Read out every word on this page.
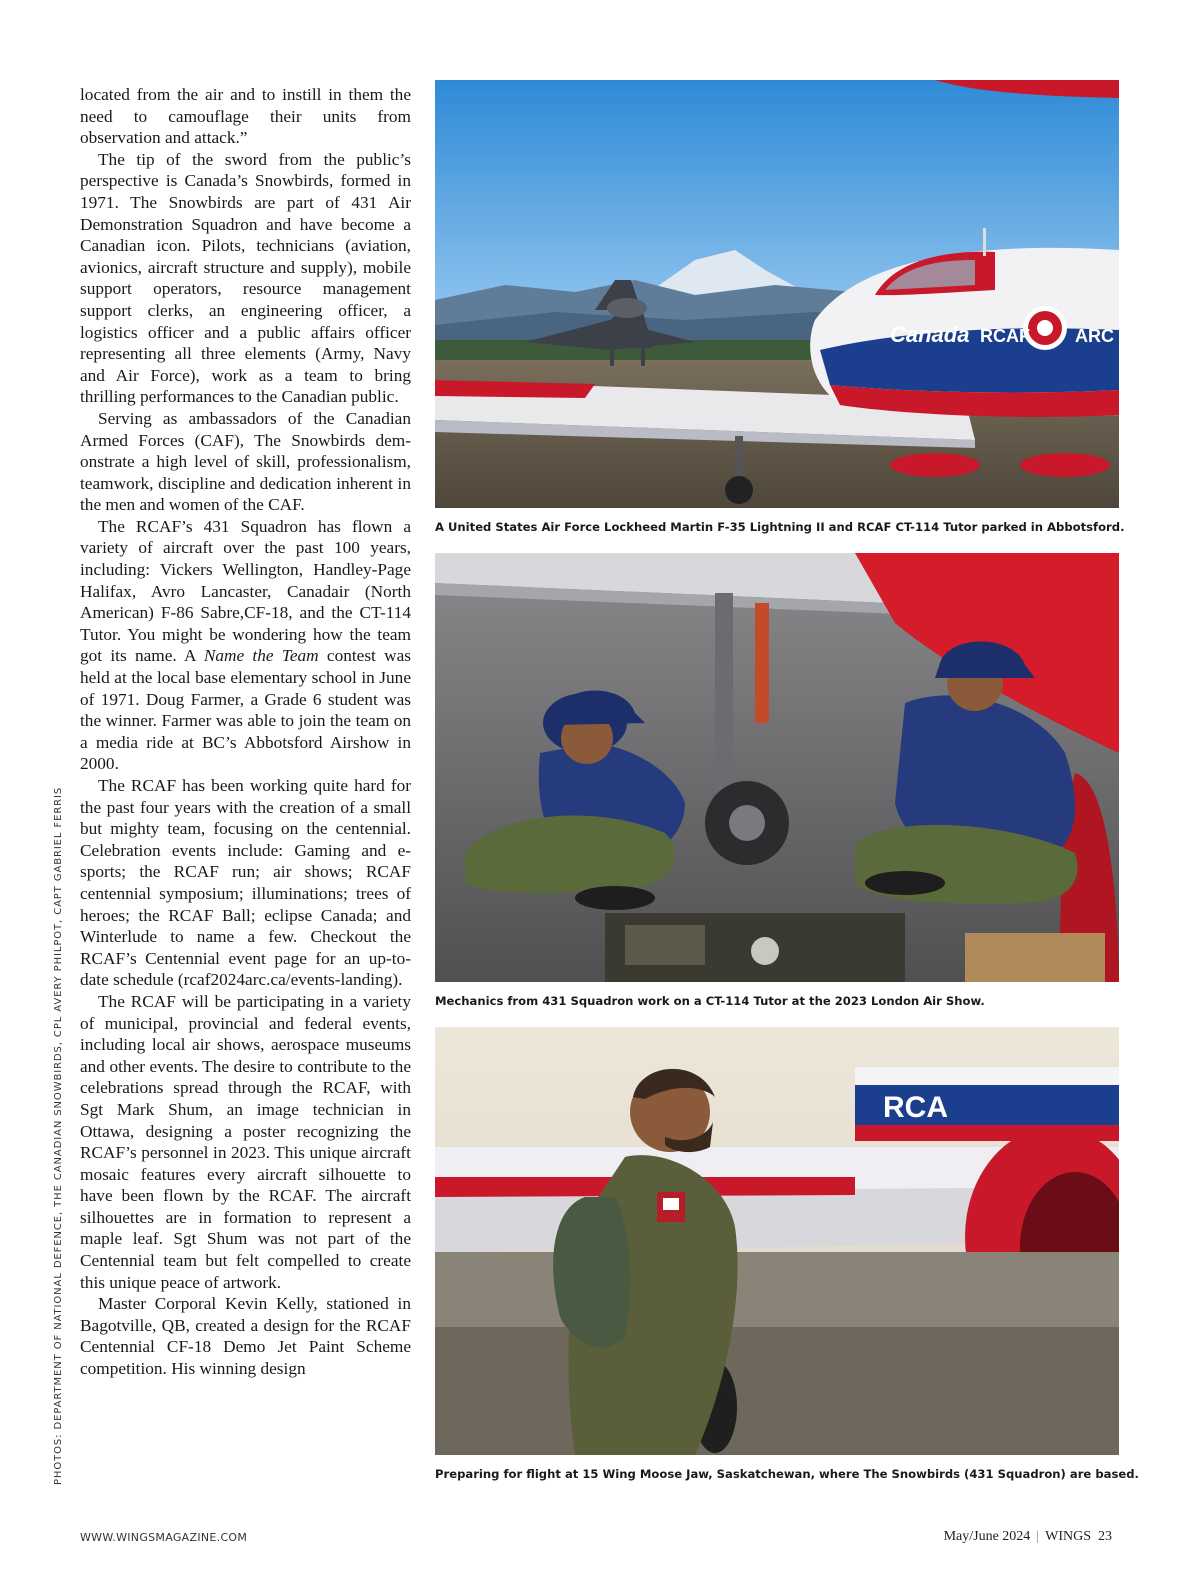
located from the air and to instill in them the need to camouflage their units from observation and attack.”

The tip of the sword from the public’s perspective is Canada’s Snowbirds, formed in 1971. The Snowbirds are part of 431 Air Demonstration Squadron and have become a Canadian icon. Pilots, technicians (aviation, avionics, aircraft structure and supply), mobile support operators, resource management support clerks, an engineering officer, a logistics officer and a public affairs officer representing all three elements (Army, Navy and Air Force), work as a team to bring thrilling performances to the Canadian public.

Serving as ambassadors of the Canadian Armed Forces (CAF), The Snowbirds demonstrate a high level of skill, professionalism, teamwork, discipline and dedication inherent in the men and women of the CAF.

The RCAF’s 431 Squadron has flown a variety of aircraft over the past 100 years, including: Vickers Wellington, Handley-Page Halifax, Avro Lancaster, Canadair (North American) F-86 Sabre,CF-18, and the CT-114 Tutor. You might be wondering how the team got its name. A Name the Team contest was held at the local base elementary school in June of 1971. Doug Farmer, a Grade 6 student was the winner. Farmer was able to join the team on a media ride at BC’s Abbotsford Airshow in 2000.

The RCAF has been working quite hard for the past four years with the creation of a small but mighty team, focusing on the centennial. Celebration events include: Gaming and e-sports; the RCAF run; air shows; RCAF centennial symposium; illuminations; trees of heroes; the RCAF Ball; eclipse Canada; and Winterlude to name a few. Checkout the RCAF’s Centennial event page for an up-to-date schedule (rcaf2024arc.ca/events-landing).

The RCAF will be participating in a variety of municipal, provincial and federal events, including local air shows, aerospace museums and other events. The desire to contribute to the celebrations spread through the RCAF, with Sgt Mark Shum, an image technician in Ottawa, designing a poster recognizing the RCAF’s personnel in 2023. This unique aircraft mosaic features every aircraft silhouette to have been flown by the RCAF. The aircraft silhouettes are in formation to represent a maple leaf. Sgt Shum was not part of the Centennial team but felt compelled to create this unique peace of artwork.

Master Corporal Kevin Kelly, stationed in Bagotville, QB, created a design for the RCAF Centennial CF-18 Demo Jet Paint Scheme competition. His winning design

PHOTOS: DEPARTMENT OF NATIONAL DEFENCE, THE CANADIAN SNOWBIRDS, CPL AVERY PHILPOT, CAPT GABRIEL FERRIS
Canada RCAF	ARC
A United States Air Force Lockheed Martin F-35 Lightning II and RCAF CT-114 Tutor parked in Abbotsford.
Mechanics from 431 Squadron work on a CT-114 Tutor at the 2023 London Air Show.
RCA
Preparing for flight at 15 Wing Moose Jaw, Saskatchewan, where The Snowbirds (431 Squadron) are based.
WWW.WINGSMAGAZINE.COM	May/June 2024 | WINGS 23
